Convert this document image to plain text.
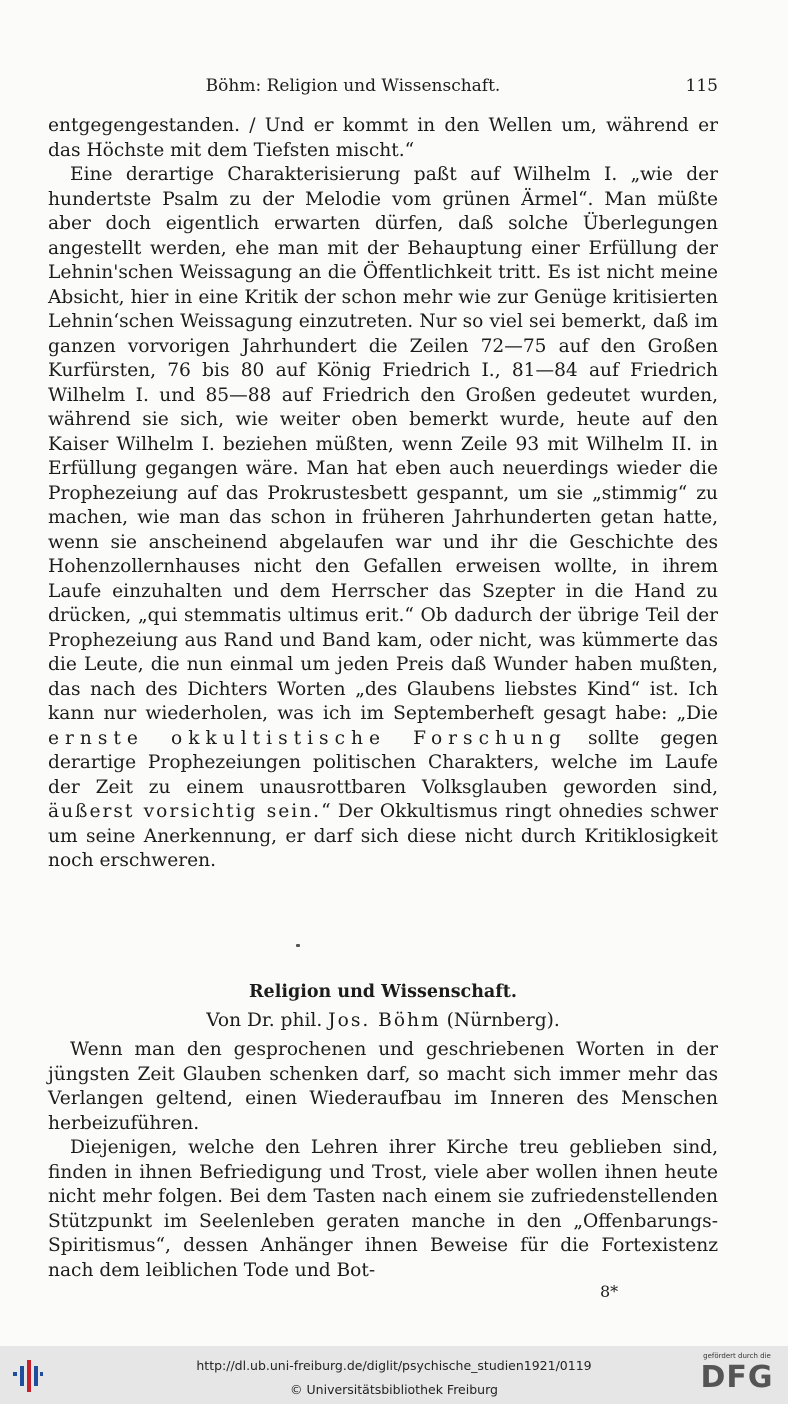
Böhm: Religion und Wissenschaft.	115

entgegengestanden. / Und er kommt in den Wellen um, während er das Höchste mit dem Tiefsten mischt.“

Eine derartige Charakterisierung paßt auf Wilhelm I. „wie der hundertste Psalm zu der Melodie vom grünen Ärmel“. Man müßte aber doch eigentlich erwarten dürfen, daß solche Überlegungen angestellt werden, ehe man mit der Behauptung einer Erfüllung der Lehnin'schen Weissagung an die Öffentlichkeit tritt. Es ist nicht meine Absicht, hier in eine Kritik der schon mehr wie zur Genüge kritisierten Lehnin‘schen Weissagung einzutreten. Nur so viel sei bemerkt, daß im ganzen vorvorigen Jahrhundert die Zeilen 72—75 auf den Großen Kurfürsten, 76 bis 80 auf König Friedrich I., 81—84 auf Friedrich Wilhelm I. und 85—88 auf Friedrich den Großen gedeutet wurden, während sie sich, wie weiter oben bemerkt wurde, heute auf den Kaiser Wilhelm I. beziehen müßten, wenn Zeile 93 mit Wilhelm II. in Erfüllung gegangen wäre. Man hat eben auch neuerdings wieder die Prophezeiung auf das Prokrustesbett gespannt, um sie „stimmig“ zu machen, wie man das schon in früheren Jahrhunderten getan hatte, wenn sie anscheinend abgelaufen war und ihr die Geschichte des Hohenzollernhauses nicht den Gefallen erweisen wollte, in ihrem Laufe einzuhalten und dem Herrscher das Szepter in die Hand zu drücken, „qui stemmatis ultimus erit.“ Ob dadurch der übrige Teil der Prophezeiung aus Rand und Band kam, oder nicht, was kümmerte das die Leute, die nun einmal um jeden Preis daß Wunder haben mußten, das nach des Dichters Worten „des Glaubens liebstes Kind“ ist. Ich kann nur wiederholen, was ich im Septemberheft gesagt habe: „Die ernste okkultistische Forschung sollte gegen derartige Prophezeiungen politischen Charakters, welche im Laufe der Zeit zu einem unausrottbaren Volksglauben geworden sind, äußerst vorsichtig sein.“ Der Okkultismus ringt ohnedies schwer um seine Anerkennung, er darf sich diese nicht durch Kritiklosigkeit noch erschweren.

Religion und Wissenschaft.
Von Dr. phil. Jos. Böhm (Nürnberg).

Wenn man den gesprochenen und geschriebenen Worten in der jüngsten Zeit Glauben schenken darf, so macht sich immer mehr das Verlangen geltend, einen Wiederaufbau im Inneren des Menschen herbeizuführen.

Diejenigen, welche den Lehren ihrer Kirche treu geblieben sind, finden in ihnen Befriedigung und Trost, viele aber wollen ihnen heute nicht mehr folgen. Bei dem Tasten nach einem sie zufriedenstellenden Stützpunkt im Seelenleben geraten manche in den „Offenbarungs-Spiritismus“, dessen Anhänger ihnen Beweise für die Fortexistenz nach dem leiblichen Tode und Bot-

8*
http://dl.ub.uni-freiburg.de/diglit/psychische_studien1921/0119
© Universitätsbibliothek Freiburg
gefördert durch die
DFG
